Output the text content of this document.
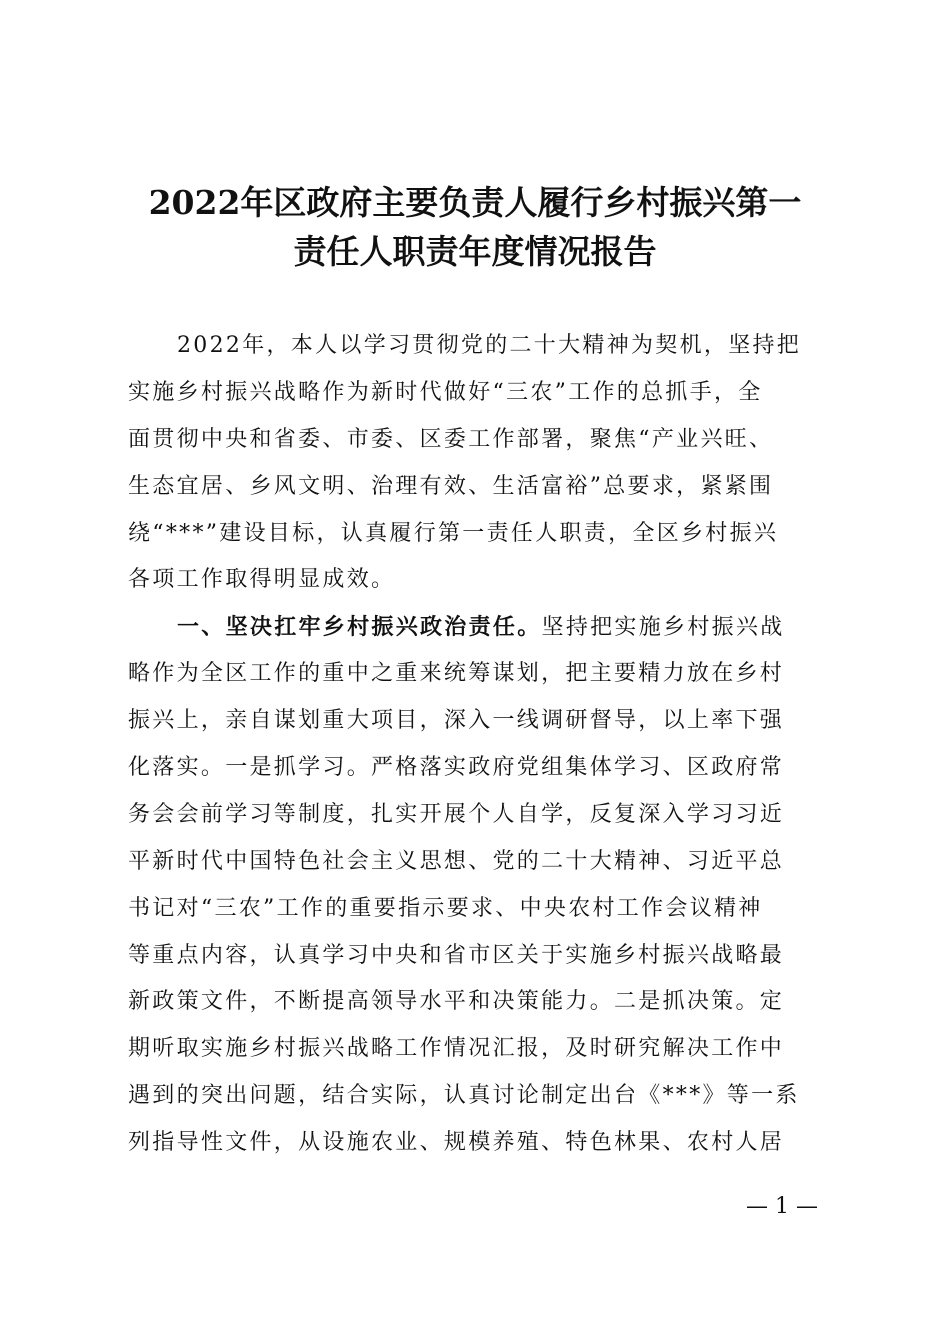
2022年区政府主要负责人履行乡村振兴第一
责任人职责年度情况报告
2022年，本人以学习贯彻党的二十大精神为契机，坚持把
实施乡村振兴战略作为新时代做好“三农”工作的总抓手，全
面贯彻中央和省委、市委、区委工作部署，聚焦“产业兴旺、
生态宜居、乡风文明、治理有效、生活富裕”总要求，紧紧围
绕“***”建设目标，认真履行第一责任人职责，全区乡村振兴
各项工作取得明显成效。
一、坚决扛牢乡村振兴政治责任。坚持把实施乡村振兴战
略作为全区工作的重中之重来统筹谋划，把主要精力放在乡村
振兴上，亲自谋划重大项目，深入一线调研督导，以上率下强
化落实。一是抓学习。严格落实政府党组集体学习、区政府常
务会会前学习等制度，扎实开展个人自学，反复深入学习习近
平新时代中国特色社会主义思想、党的二十大精神、习近平总
书记对“三农”工作的重要指示要求、中央农村工作会议精神
等重点内容，认真学习中央和省市区关于实施乡村振兴战略最
新政策文件，不断提高领导水平和决策能力。二是抓决策。定
期听取实施乡村振兴战略工作情况汇报，及时研究解决工作中
遇到的突出问题，结合实际，认真讨论制定出台《***》等一系
列指导性文件，从设施农业、规模养殖、特色林果、农村人居
— 1 —
